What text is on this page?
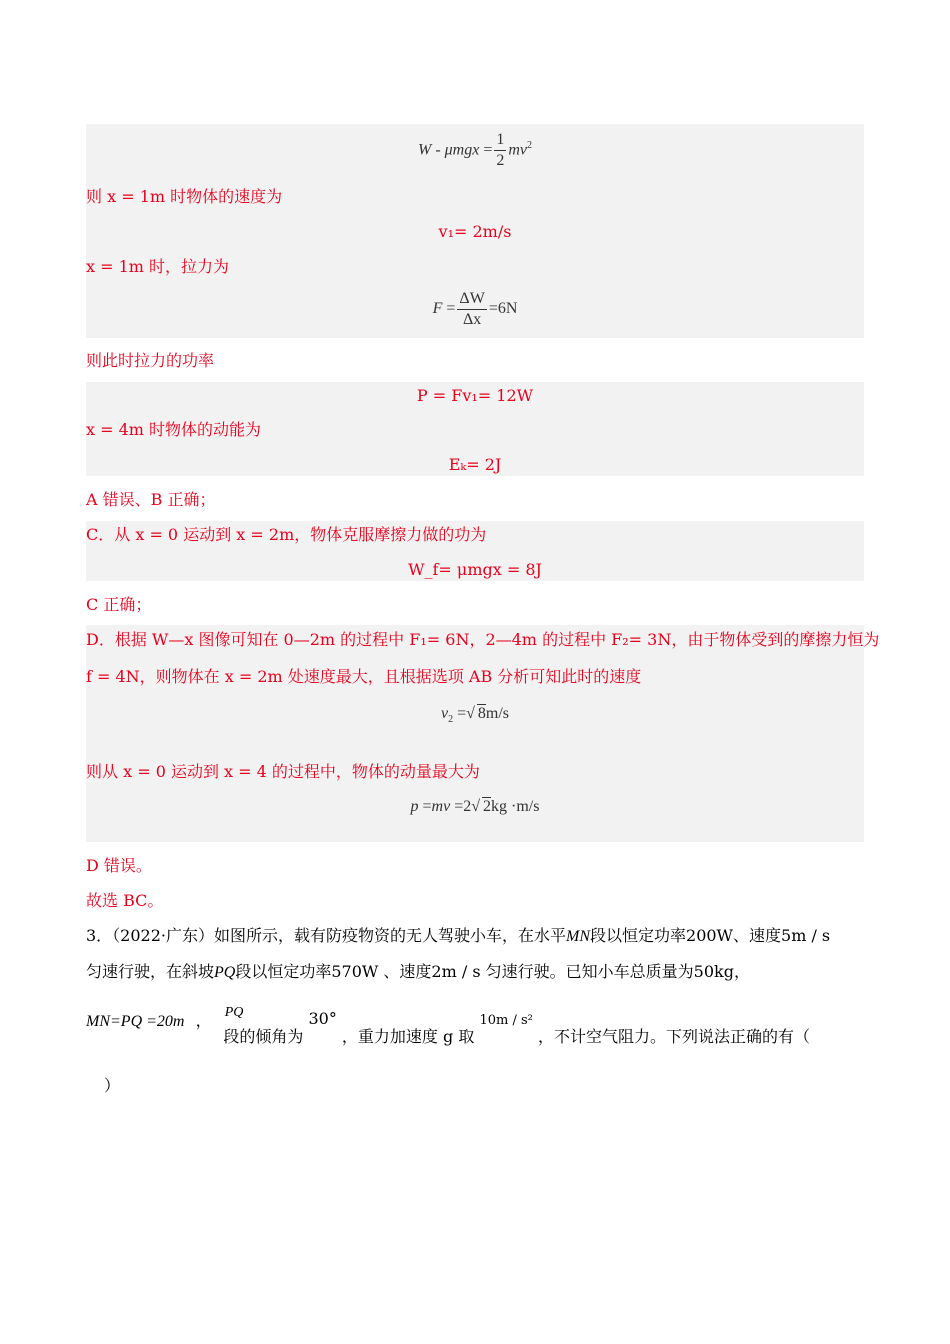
$W - \mu mgx = \frac{1}{2} mv^2$
则 x = 1m 时物体的速度为
v₁= 2m/s
x = 1m 时，拉力为
$F = \frac{\Delta W}{\Delta x} =6N$
则此时拉力的功率
P = Fv₁= 12W
x = 4m 时物体的动能为
Eₖ= 2J
A 错误、B 正确；
C．从 x = 0 运动到 x = 2m，物体克服摩擦力做的功为
W_f= μmgx = 8J
C 正确；
D．根据 W—x 图像可知在 0—2m 的过程中 F₁= 6N，2—4m 的过程中 F₂= 3N，由于物体受到的摩擦力恒为
f = 4N，则物体在 x = 2m 处速度最大，且根据选项 AB 分析可知此时的速度
$v_2$ =√ 8m/s
则从 x = 0 运动到 x = 4 的过程中，物体的动量最大为
p =mv =2√ 2kg ·m/s
D 错误。
故选 BC。
3．（2022·广东）如图所示，载有防疫物资的无人驾驶小车，在水平MN段以恒定功率200W、速度5m / s
匀速行驶，在斜坡PQ段以恒定功率570W 、速度2m / s 匀速行驶。已知小车总质量为50kg，
MN=PQ =20m ， PQ段的倾角为 30° ，重力加速度 g 取 10m / s² ，不计空气阻力。下列说法正确的有（
）
